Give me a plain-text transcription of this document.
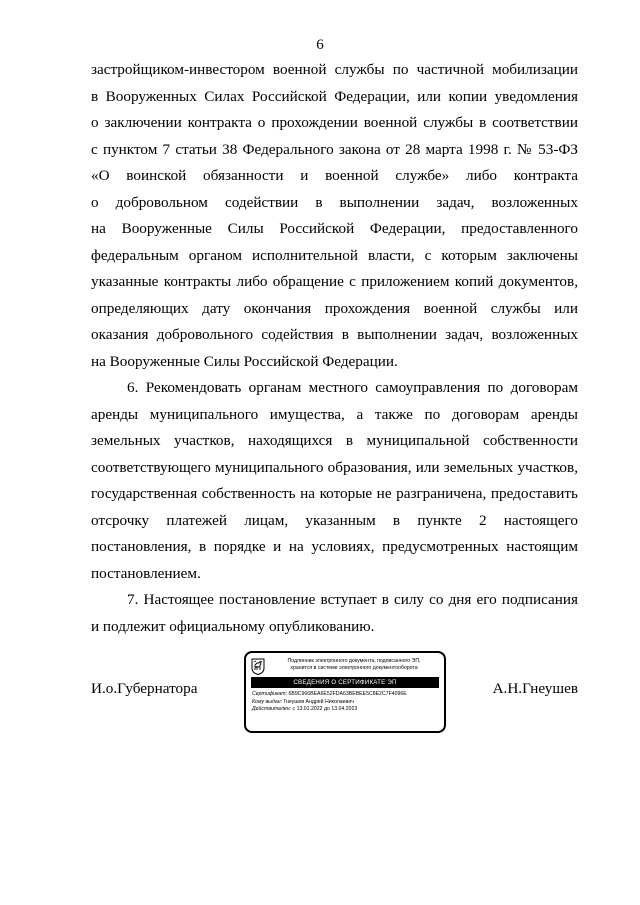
6
застройщиком-инвестором военной службы по частичной мобилизации
в Вооруженных Силах Российской Федерации, или копии уведомления
о заключении контракта о прохождении военной службы в соответствии
с пунктом 7 статьи 38 Федерального закона от 28 марта 1998 г. № 53-ФЗ
«О воинской обязанности и военной службе» либо контракта
о добровольном содействии в выполнении задач, возложенных
на Вооруженные Силы Российской Федерации, предоставленного
федеральным органом исполнительной власти, с которым заключены
указанные контракты либо обращение с приложением копий документов,
определяющих дату окончания прохождения военной службы или
оказания добровольного содействия в выполнении задач, возложенных
на Вооруженные Силы Российской Федерации.
6. Рекомендовать органам местного самоуправления по договорам
аренды муниципального имущества, а также по договорам аренды
земельных участков, находящихся в муниципальной собственности
соответствующего муниципального образования, или земельных участков,
государственная собственность на которые не разграничена, предоставить
отсрочку платежей лицам, указанным в пункте 2 настоящего
постановления, в порядке и на условиях, предусмотренных настоящим
постановлением.
7. Настоящее постановление вступает в силу со дня его подписания
и подлежит официальному опубликованию.
И.о.Губернатора	А.Н.Гнеушев
Подлинник электронного документа, подписанного ЭП,
хранится в системе электронного документооборота
СВЕДЕНИЯ О СЕРТИФИКАТЕ ЭП
Сертификат: 6B9C966BEA6E52FDA63BEBEE5C8E2C7F4096E
Кому выдан: Гнеушев Андрей Николаевич
Действителен: с 13.01.2022 до 13.04.2023
